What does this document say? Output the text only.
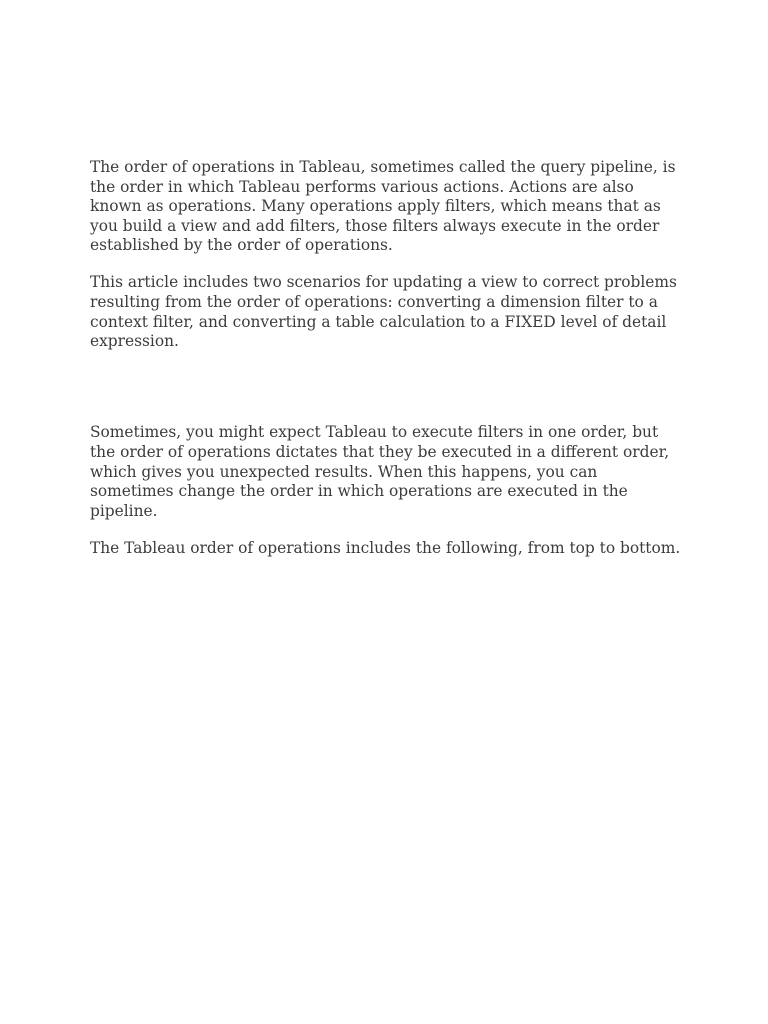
The order of operations in Tableau, sometimes called the query pipeline, is the order in which Tableau performs various actions. Actions are also known as operations. Many operations apply filters, which means that as you build a view and add filters, those filters always execute in the order established by the order of operations.

This article includes two scenarios for updating a view to correct problems resulting from the order of operations: converting a dimension filter to a context filter, and converting a table calculation to a FIXED level of detail expression.

Sometimes, you might expect Tableau to execute filters in one order, but the order of operations dictates that they be executed in a different order, which gives you unexpected results. When this happens, you can sometimes change the order in which operations are executed in the pipeline.

The Tableau order of operations includes the following, from top to bottom.
